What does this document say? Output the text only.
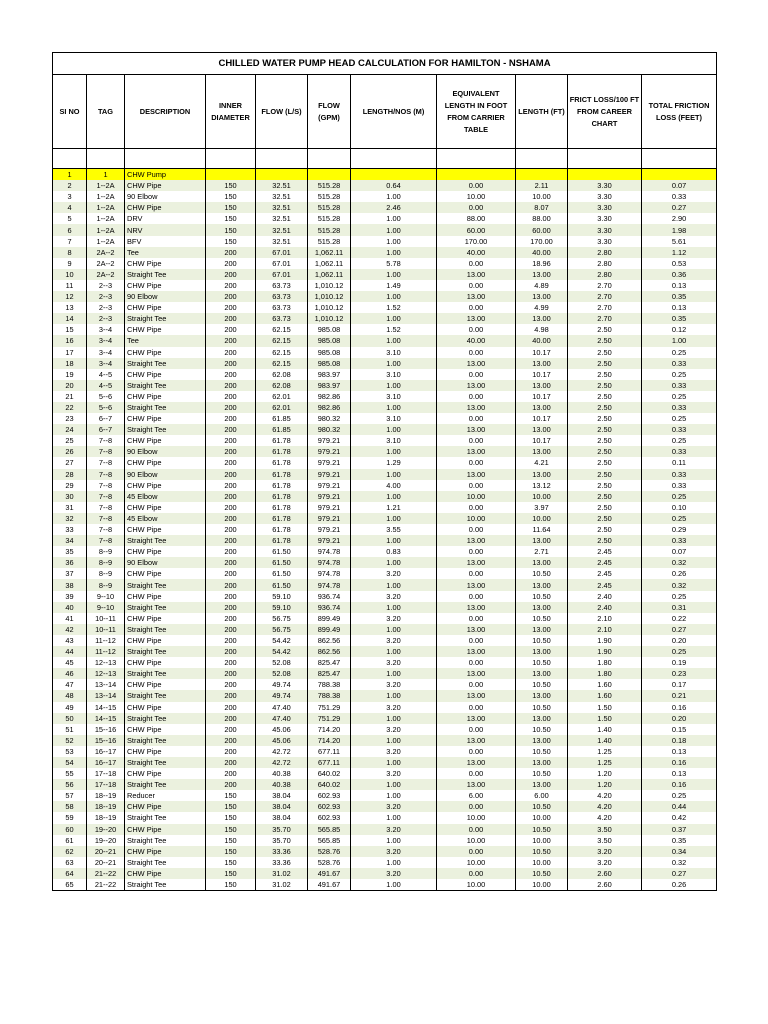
CHILLED WATER PUMP HEAD CALCULATION FOR HAMILTON - NSHAMA										
SI NO	TAG	DESCRIPTION	INNER DIAMETER	FLOW (L/S)	FLOW (GPM)	LENGTH/NOS (M)	EQUIVALENT LENGTH IN FOOT FROM CARRIER TABLE	LENGTH (FT)	FRICT LOSS/100 FT FROM CAREER CHART	TOTAL FRICTION LOSS (FEET)

1	1	CHW Pump								
2	1--2A	CHW Pipe	150	32.51	515.28	0.64	0.00	2.11	3.30	0.07
3	1--2A	90 Elbow	150	32.51	515.28	1.00	10.00	10.00	3.30	0.33
4	1--2A	CHW Pipe	150	32.51	515.28	2.46	0.00	8.07	3.30	0.27
5	1--2A	DRV	150	32.51	515.28	1.00	88.00	88.00	3.30	2.90
6	1--2A	NRV	150	32.51	515.28	1.00	60.00	60.00	3.30	1.98
7	1--2A	BFV	150	32.51	515.28	1.00	170.00	170.00	3.30	5.61
8	2A--2	Tee	200	67.01	1,062.11	1.00	40.00	40.00	2.80	1.12
9	2A--2	CHW Pipe	200	67.01	1,062.11	5.78	0.00	18.96	2.80	0.53
10	2A--2	Straight Tee	200	67.01	1,062.11	1.00	13.00	13.00	2.80	0.36
11	2--3	CHW Pipe	200	63.73	1,010.12	1.49	0.00	4.89	2.70	0.13
12	2--3	90 Elbow	200	63.73	1,010.12	1.00	13.00	13.00	2.70	0.35
13	2--3	CHW Pipe	200	63.73	1,010.12	1.52	0.00	4.99	2.70	0.13
14	2--3	Straight Tee	200	63.73	1,010.12	1.00	13.00	13.00	2.70	0.35
15	3--4	CHW Pipe	200	62.15	985.08	1.52	0.00	4.98	2.50	0.12
16	3--4	Tee	200	62.15	985.08	1.00	40.00	40.00	2.50	1.00
17	3--4	CHW Pipe	200	62.15	985.08	3.10	0.00	10.17	2.50	0.25
18	3--4	Straight Tee	200	62.15	985.08	1.00	13.00	13.00	2.50	0.33
19	4--5	CHW Pipe	200	62.08	983.97	3.10	0.00	10.17	2.50	0.25
20	4--5	Straight Tee	200	62.08	983.97	1.00	13.00	13.00	2.50	0.33
21	5--6	CHW Pipe	200	62.01	982.86	3.10	0.00	10.17	2.50	0.25
22	5--6	Straight Tee	200	62.01	982.86	1.00	13.00	13.00	2.50	0.33
23	6--7	CHW Pipe	200	61.85	980.32	3.10	0.00	10.17	2.50	0.25
24	6--7	Straight Tee	200	61.85	980.32	1.00	13.00	13.00	2.50	0.33
25	7--8	CHW Pipe	200	61.78	979.21	3.10	0.00	10.17	2.50	0.25
26	7--8	90 Elbow	200	61.78	979.21	1.00	13.00	13.00	2.50	0.33
27	7--8	CHW Pipe	200	61.78	979.21	1.29	0.00	4.21	2.50	0.11
28	7--8	90 Elbow	200	61.78	979.21	1.00	13.00	13.00	2.50	0.33
29	7--8	CHW Pipe	200	61.78	979.21	4.00	0.00	13.12	2.50	0.33
30	7--8	45 Elbow	200	61.78	979.21	1.00	10.00	10.00	2.50	0.25
31	7--8	CHW Pipe	200	61.78	979.21	1.21	0.00	3.97	2.50	0.10
32	7--8	45 Elbow	200	61.78	979.21	1.00	10.00	10.00	2.50	0.25
33	7--8	CHW Pipe	200	61.78	979.21	3.55	0.00	11.64	2.50	0.29
34	7--8	Straight Tee	200	61.78	979.21	1.00	13.00	13.00	2.50	0.33
35	8--9	CHW Pipe	200	61.50	974.78	0.83	0.00	2.71	2.45	0.07
36	8--9	90 Elbow	200	61.50	974.78	1.00	13.00	13.00	2.45	0.32
37	8--9	CHW Pipe	200	61.50	974.78	3.20	0.00	10.50	2.45	0.26
38	8--9	Straight Tee	200	61.50	974.78	1.00	13.00	13.00	2.45	0.32
39	9--10	CHW Pipe	200	59.10	936.74	3.20	0.00	10.50	2.40	0.25
40	9--10	Straight Tee	200	59.10	936.74	1.00	13.00	13.00	2.40	0.31
41	10--11	CHW Pipe	200	56.75	899.49	3.20	0.00	10.50	2.10	0.22
42	10--11	Straight Tee	200	56.75	899.49	1.00	13.00	13.00	2.10	0.27
43	11--12	CHW Pipe	200	54.42	862.56	3.20	0.00	10.50	1.90	0.20
44	11--12	Straight Tee	200	54.42	862.56	1.00	13.00	13.00	1.90	0.25
45	12--13	CHW Pipe	200	52.08	825.47	3.20	0.00	10.50	1.80	0.19
46	12--13	Straight Tee	200	52.08	825.47	1.00	13.00	13.00	1.80	0.23
47	13--14	CHW Pipe	200	49.74	788.38	3.20	0.00	10.50	1.60	0.17
48	13--14	Straight Tee	200	49.74	788.38	1.00	13.00	13.00	1.60	0.21
49	14--15	CHW Pipe	200	47.40	751.29	3.20	0.00	10.50	1.50	0.16
50	14--15	Straight Tee	200	47.40	751.29	1.00	13.00	13.00	1.50	0.20
51	15--16	CHW Pipe	200	45.06	714.20	3.20	0.00	10.50	1.40	0.15
52	15--16	Straight Tee	200	45.06	714.20	1.00	13.00	13.00	1.40	0.18
53	16--17	CHW Pipe	200	42.72	677.11	3.20	0.00	10.50	1.25	0.13
54	16--17	Straight Tee	200	42.72	677.11	1.00	13.00	13.00	1.25	0.16
55	17--18	CHW Pipe	200	40.38	640.02	3.20	0.00	10.50	1.20	0.13
56	17--18	Straight Tee	200	40.38	640.02	1.00	13.00	13.00	1.20	0.16
57	18--19	Reducer	150	38.04	602.93	1.00	6.00	6.00	4.20	0.25
58	18--19	CHW Pipe	150	38.04	602.93	3.20	0.00	10.50	4.20	0.44
59	18--19	Straight Tee	150	38.04	602.93	1.00	10.00	10.00	4.20	0.42
60	19--20	CHW Pipe	150	35.70	565.85	3.20	0.00	10.50	3.50	0.37
61	19--20	Straight Tee	150	35.70	565.85	1.00	10.00	10.00	3.50	0.35
62	20--21	CHW Pipe	150	33.36	528.76	3.20	0.00	10.50	3.20	0.34
63	20--21	Straight Tee	150	33.36	528.76	1.00	10.00	10.00	3.20	0.32
64	21--22	CHW Pipe	150	31.02	491.67	3.20	0.00	10.50	2.60	0.27
65	21--22	Straight Tee	150	31.02	491.67	1.00	10.00	10.00	2.60	0.26
